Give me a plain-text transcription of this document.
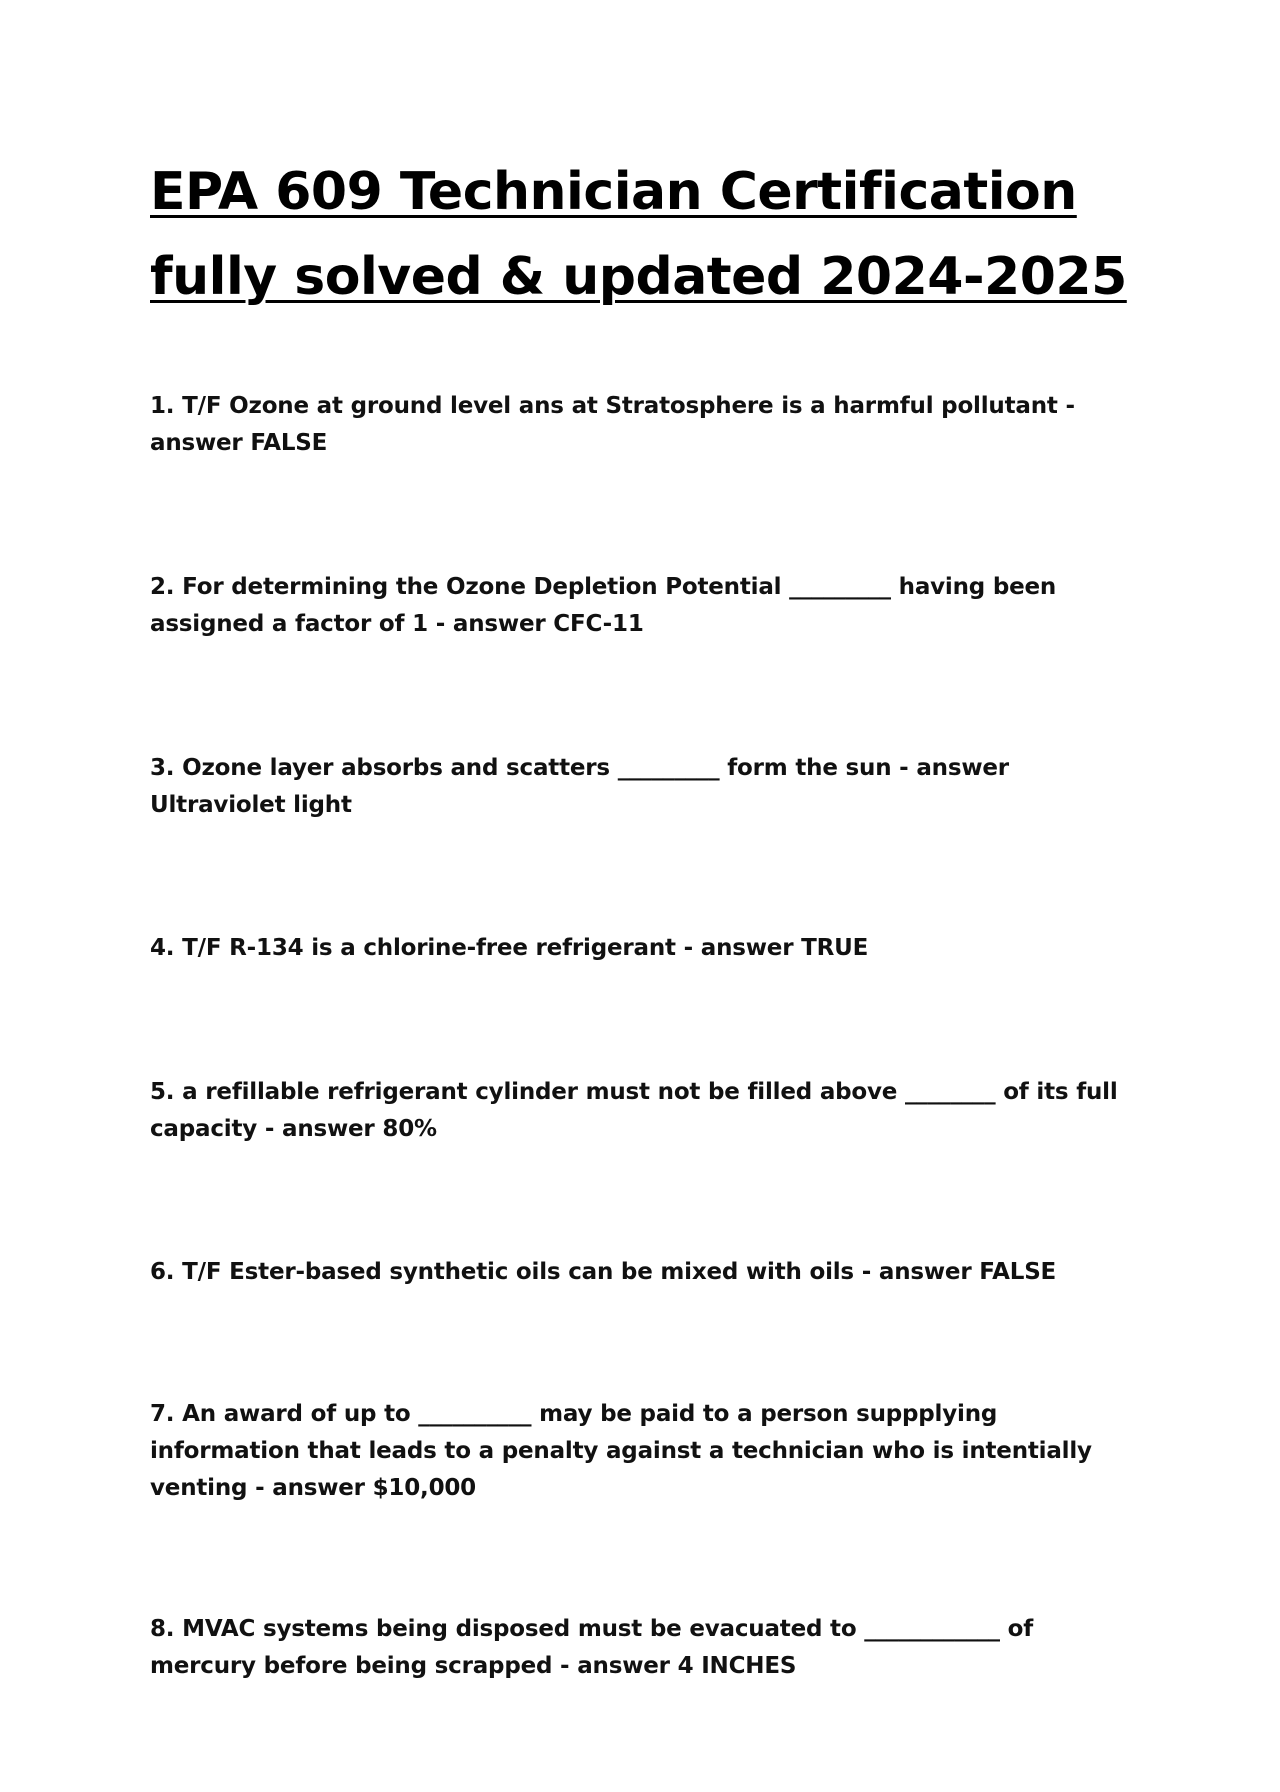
EPA 609 Technician Certification
fully solved & updated 2024-2025
1. T/F Ozone at ground level ans at Stratosphere is a harmful pollutant - answer FALSE
2. For determining the Ozone Depletion Potential _________ having been assigned a factor of 1 - answer CFC-11
3. Ozone layer absorbs and scatters _________ form the sun - answer Ultraviolet light
4. T/F R-134 is a chlorine-free refrigerant - answer TRUE
5. a refillable refrigerant cylinder must not be filled above ________ of its full capacity - answer 80%
6. T/F Ester-based synthetic oils can be mixed with oils - answer FALSE
7. An award of up to __________ may be paid to a person suppplying information that leads to a penalty against a technician who is intentially venting - answer $10,000
8. MVAC systems being disposed must be evacuated to ____________ of mercury before being scrapped - answer 4 INCHES
